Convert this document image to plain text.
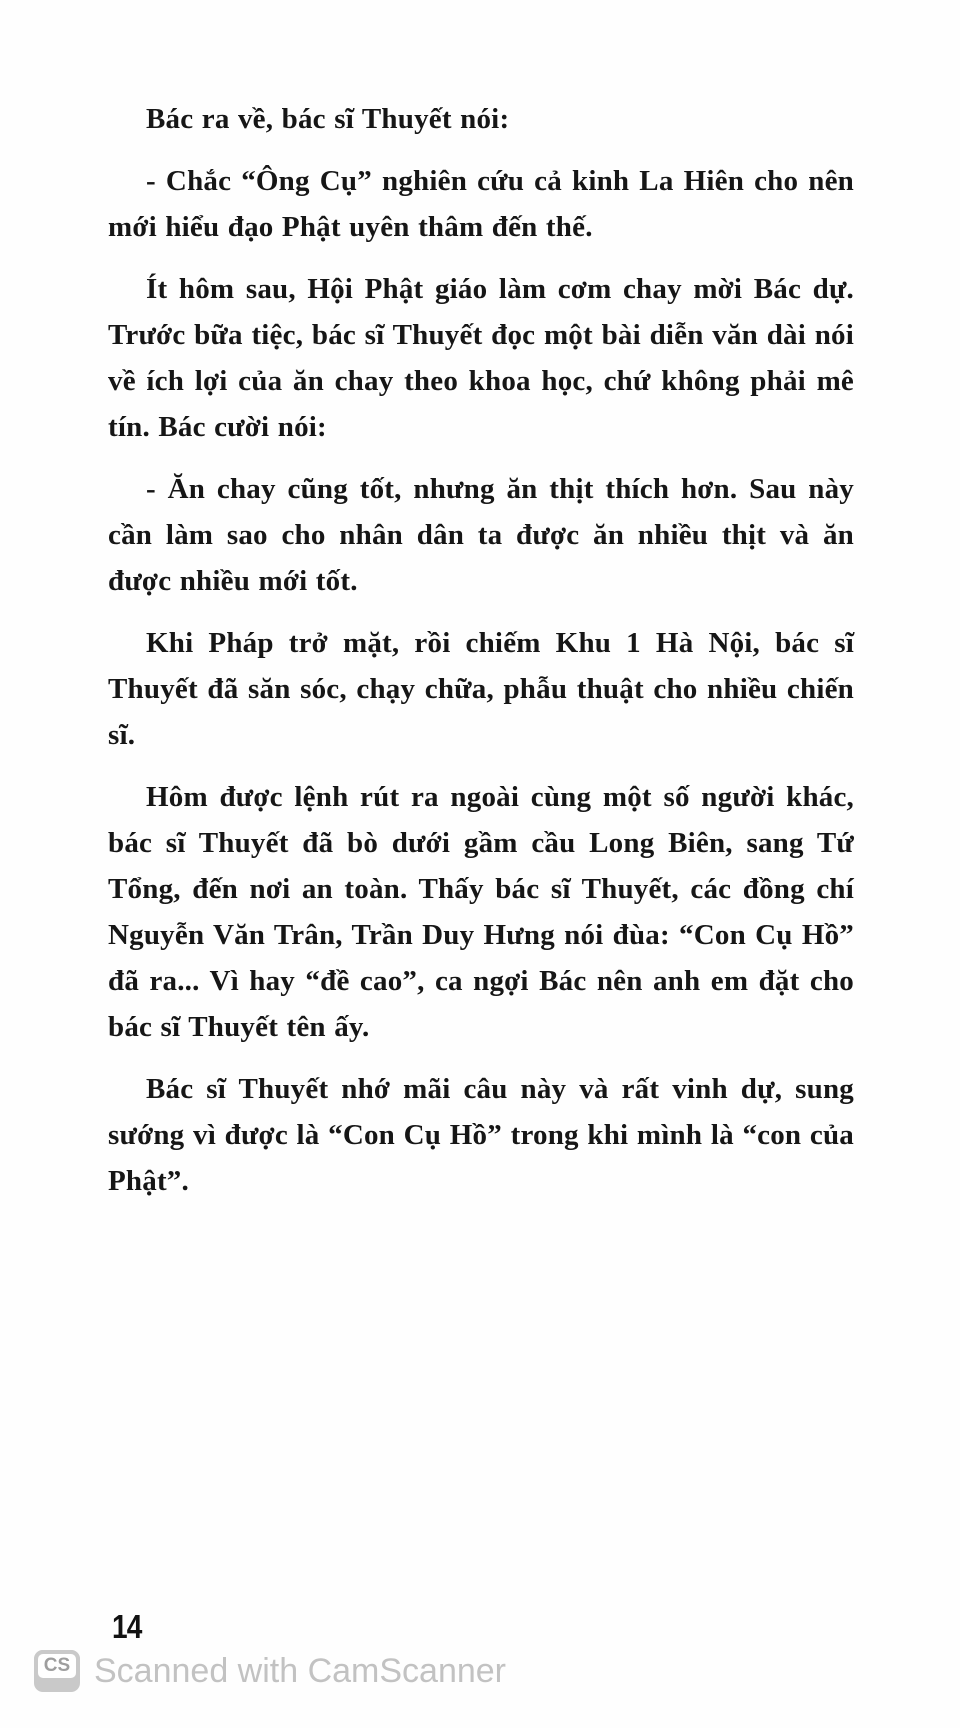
Bác ra về, bác sĩ Thuyết nói:

- Chắc “Ông Cụ” nghiên cứu cả kinh La Hiên cho nên mới hiểu đạo Phật uyên thâm đến thế.

Ít hôm sau, Hội Phật giáo làm cơm chay mời Bác dự. Trước bữa tiệc, bác sĩ Thuyết đọc một bài diễn văn dài nói về ích lợi của ăn chay theo khoa học, chứ không phải mê tín. Bác cười nói:

- Ăn chay cũng tốt, nhưng ăn thịt thích hơn. Sau này cần làm sao cho nhân dân ta được ăn nhiều thịt và ăn được nhiều mới tốt.

Khi Pháp trở mặt, rồi chiếm Khu 1 Hà Nội, bác sĩ Thuyết đã săn sóc, chạy chữa, phẫu thuật cho nhiều chiến sĩ.

Hôm được lệnh rút ra ngoài cùng một số người khác, bác sĩ Thuyết đã bò dưới gầm cầu Long Biên, sang Tứ Tổng, đến nơi an toàn. Thấy bác sĩ Thuyết, các đồng chí Nguyễn Văn Trân, Trần Duy Hưng nói đùa: “Con Cụ Hồ” đã ra... Vì hay “đề cao”, ca ngợi Bác nên anh em đặt cho bác sĩ Thuyết tên ấy.

Bác sĩ Thuyết nhớ mãi câu này và rất vinh dự, sung sướng vì được là “Con Cụ Hồ” trong khi mình là “con của Phật”.

14
CS Scanned with CamScanner
